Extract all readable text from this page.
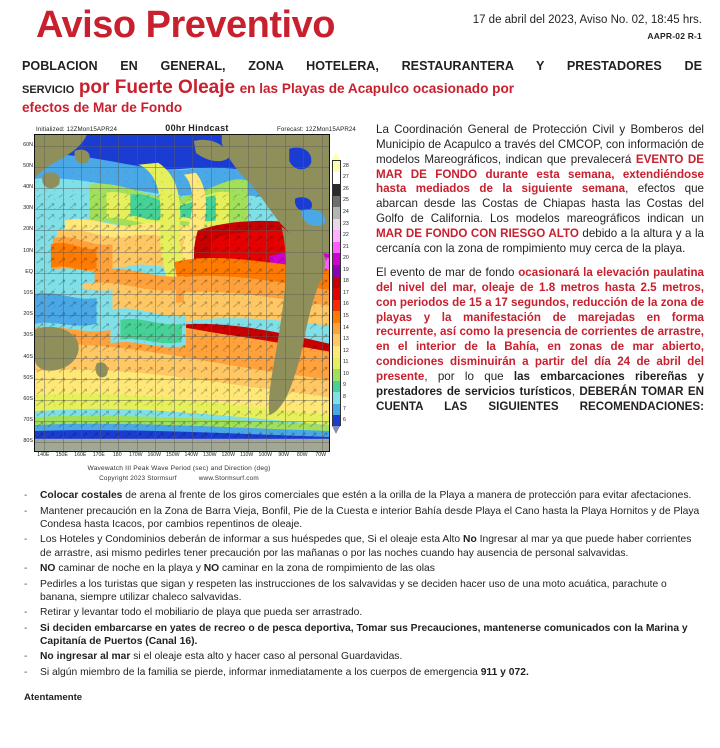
Aviso Preventivo	17 de abril del 2023, Aviso No. 02, 18:45 hrs.
AAPR-02 R-1
POBLACION EN GENERAL, ZONA HOTELERA, RESTAURANTERA Y PRESTADORES DE
SERVICIO por Fuerte Oleaje en las Playas de Acapulco ocasionado por
efectos de Mar de Fondo
Initialized: 12ZMon15APR24	00hr Hindcast	Forecast: 12ZMon15APR24
60N
50N
40N
30N
20N
10N
EQ
10S
20S
30S
40S
50S
60S
70S
80S
28
27
26
25
24
23
22
21
20
19
18
17
16
15
14
13
12
11
10
9
8
7
6
140E 150E 160E 170E 180 170W 160W 150W 140W 130W 120W 110W 100W 90W 80W 70W
Wavewatch III Peak Wave Period (sec) and Direction (deg)
Copyright 2023 Stormsurf	www.Stormsurf.com
La Coordinación General de Protección Civil y Bomberos del Municipio de Acapulco a través del CMCOP, con información de modelos Mareográficos, indican que prevalecerá EVENTO DE MAR DE FONDO durante esta semana, extendiéndose hasta mediados de la siguiente semana, efectos que abarcan desde las Costas de Chiapas hasta las Costas del Golfo de California. Los modelos mareográficos indican un MAR DE FONDO CON RIESGO ALTO debido a la altura y a la cercanía con la zona de rompimiento muy cerca de la playa.
El evento de mar de fondo ocasionará la elevación paulatina del nivel del mar, oleaje de 1.8 metros hasta 2.5 metros, con periodos de 15 a 17 segundos, reducción de la zona de playas y la manifestación de marejadas en forma recurrente, así como la presencia de corrientes de arrastre, en el interior de la Bahía, en zonas de mar abierto, condiciones disminuirán a partir del día 24 de abril del presente, por lo que las embarcaciones ribereñas y prestadores de servicios turísticos, DEBERÁN TOMAR EN CUENTA LAS SIGUIENTES RECOMENDACIONES:
-	Colocar costales de arena al frente de los giros comerciales que estén a la orilla de la Playa a manera de protección para evitar afectaciones.
-	Mantener precaución en la Zona de Barra Vieja, Bonfil, Pie de la Cuesta e interior Bahía desde Playa el Cano hasta la Playa Hornitos y de Playa Condesa hasta Icacos, por cambios repentinos de oleaje.
-	Los Hoteles y Condominios deberán de informar a sus huéspedes que, Si el oleaje esta Alto No Ingresar al mar ya que puede haber corrientes de arrastre, asi mismo pedirles tener precaución por las mañanas o por las noches cuando hay ausencia de personal salvavidas.
-	NO caminar de noche en la playa y NO caminar en la zona de rompimiento de las olas
-	Pedirles a los turistas que sigan y respeten las instrucciones de los salvavidas y se deciden hacer uso de una moto acuática, parachute o banana, siempre utilizar chaleco salvavidas.
-	Retirar y levantar todo el mobiliario de playa que pueda ser arrastrado.
-	Si deciden embarcarse en yates de recreo o de pesca deportiva, Tomar sus Precauciones, mantenerse comunicados con la Marina y Capitanía de Puertos (Canal 16).
-	No ingresar al mar si el oleaje esta alto y hacer caso al personal Guardavidas.
-	Si algún miembro de la familia se pierde, informar inmediatamente a los cuerpos de emergencia 911 y 072.
Atentamente
